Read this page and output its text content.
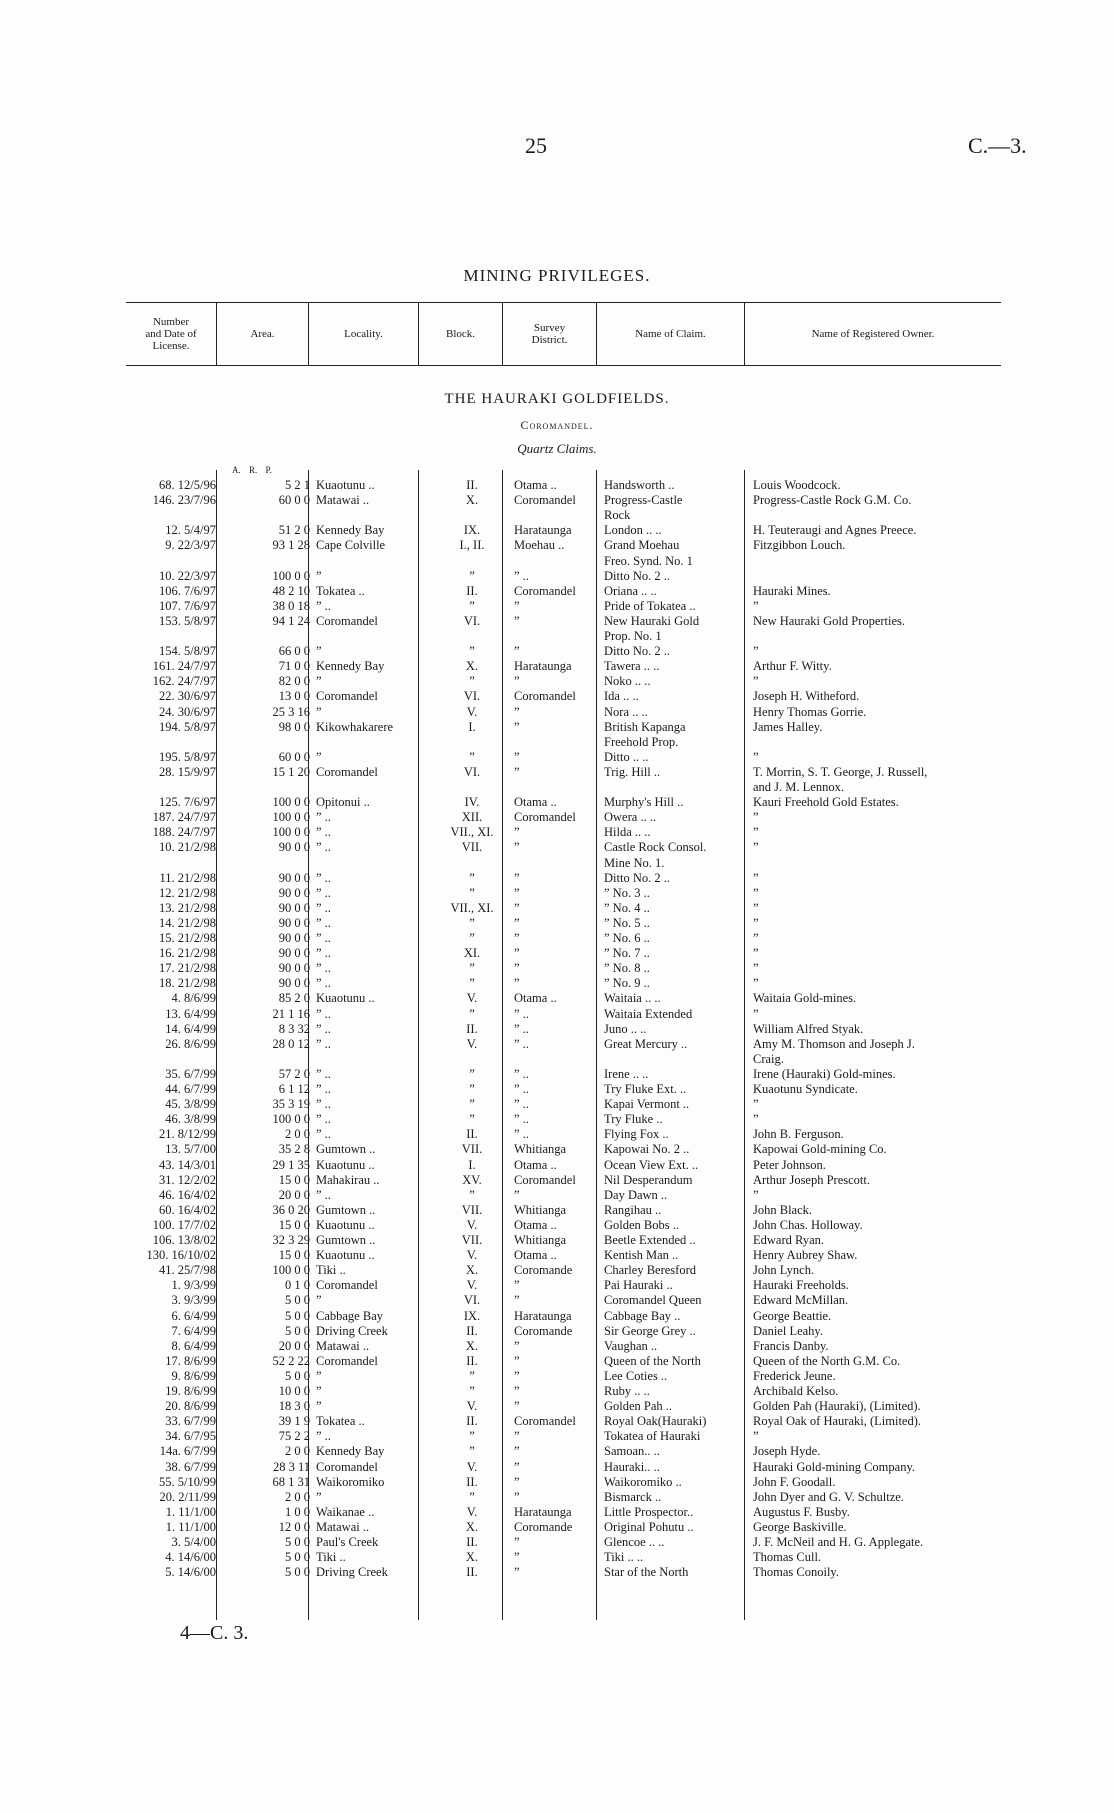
25	C.—3.
MINING PRIVILEGES.
Number
and Date of
License.
Area.	Locality.	Block.	Survey
District.	Name of Claim.	Name of Registered Owner.
THE HAURAKI GOLDFIELDS.
Coromandel.
Quartz Claims.
A. R. P.
68. 12/5/96	5 2 1 Kuaotunu ..	II.	Otama ..	Handsworth ..	Louis Woodcock.
146. 23/7/96	60 0 0 Matawai ..	X.	Coromandel	Progress-Castle	Progress-Castle Rock G.M. Co.
Rock
12. 5/4/97	51 2 0 Kennedy Bay	IX.	Harataunga	London .. ..	H. Teuteraugi and Agnes Preece.
9. 22/3/97	93 1 28 Cape Colville	I., II.	Moehau ..	Grand Moehau	Fitzgibbon Louch.
Freo. Synd. No. 1
10. 22/3/97	100 0 0 ”	”	” ..	Ditto No. 2 ..
106. 7/6/97	48 2 10 Tokatea ..	II.	Coromandel	Oriana .. ..	Hauraki Mines.
107. 7/6/97	38 0 18 ” ..	”	”	Pride of Tokatea ..	”
153. 5/8/97	94 1 24 Coromandel	VI.	”	New Hauraki Gold	New Hauraki Gold Properties.
Prop. No. 1
154. 5/8/97	66 0 0 ”	”	”	Ditto No. 2 ..	”
161. 24/7/97	71 0 0 Kennedy Bay	X.	Harataunga	Tawera .. ..	Arthur F. Witty.
162. 24/7/97	82 0 0 ”	”	”	Noko .. ..	”
22. 30/6/97	13 0 0 Coromandel	VI.	Coromandel	Ida .. ..	Joseph H. Witheford.
24. 30/6/97	25 3 16 ”	V.	”	Nora .. ..	Henry Thomas Gorrie.
194. 5/8/97	98 0 0 Kikowhakarere	I.	”	British Kapanga	James Halley.
Freehold Prop.
195. 5/8/97	60 0 0 ”	”	”	Ditto .. ..	”
28. 15/9/97	15 1 20 Coromandel	VI.	”	Trig. Hill ..	T. Morrin, S. T. George, J. Russell,
and J. M. Lennox.
125. 7/6/97	100 0 0 Opitonui ..	IV.	Otama ..	Murphy's Hill ..	Kauri Freehold Gold Estates.
187. 24/7/97	100 0 0 ” ..	XII.	Coromandel	Owera .. ..	”
188. 24/7/97	100 0 0 ” ..	VII., XI.	”	Hilda .. ..	”
10. 21/2/98	90 0 0 ” ..	VII.	”	Castle Rock Consol.	”
Mine No. 1.
11. 21/2/98	90 0 0 ” ..	”	”	Ditto No. 2 ..	”
12. 21/2/98	90 0 0 ” ..	”	”	” No. 3 ..	”
13. 21/2/98	90 0 0 ” ..	VII., XI.	”	” No. 4 ..	”
14. 21/2/98	90 0 0 ” ..	”	”	” No. 5 ..	”
15. 21/2/98	90 0 0 ” ..	”	”	” No. 6 ..	”
16. 21/2/98	90 0 0 ” ..	XI.	”	” No. 7 ..	”
17. 21/2/98	90 0 0 ” ..	”	”	” No. 8 ..	”
18. 21/2/98	90 0 0 ” ..	”	”	” No. 9 ..	”
4. 8/6/99	85 2 0 Kuaotunu ..	V.	Otama ..	Waitaia .. ..	Waitaia Gold-mines.
13. 6/4/99	21 1 16 ” ..	”	” ..	Waitaia Extended	”
14. 6/4/99	8 3 32 ” ..	II.	” ..	Juno .. ..	William Alfred Styak.
26. 8/6/99	28 0 12 ” ..	V.	” ..	Great Mercury ..	Amy M. Thomson and Joseph J.
Craig.
35. 6/7/99	57 2 0 ” ..	”	” ..	Irene .. ..	Irene (Hauraki) Gold-mines.
44. 6/7/99	6 1 12 ” ..	”	” ..	Try Fluke Ext. ..	Kuaotunu Syndicate.
45. 3/8/99	35 3 19 ” ..	”	” ..	Kapai Vermont ..	”
46. 3/8/99	100 0 0 ” ..	”	” ..	Try Fluke ..	”
21. 8/12/99	2 0 0 ” ..	II.	” ..	Flying Fox ..	John B. Ferguson.
13. 5/7/00	35 2 8 Gumtown ..	VII.	Whitianga	Kapowai No. 2 ..	Kapowai Gold-mining Co.
43. 14/3/01	29 1 35 Kuaotunu ..	I.	Otama ..	Ocean View Ext. ..	Peter Johnson.
31. 12/2/02	15 0 0 Mahakirau ..	XV.	Coromandel	Nil Desperandum	Arthur Joseph Prescott.
46. 16/4/02	20 0 0 ” ..	”	”	Day Dawn ..	”
60. 16/4/02	36 0 20 Gumtown ..	VII.	Whitianga	Rangihau ..	John Black.
100. 17/7/02	15 0 0 Kuaotunu ..	V.	Otama ..	Golden Bobs ..	John Chas. Holloway.
106. 13/8/02	32 3 29 Gumtown ..	VII.	Whitianga	Beetle Extended ..	Edward Ryan.
130. 16/10/02	15 0 0 Kuaotunu ..	V.	Otama ..	Kentish Man ..	Henry Aubrey Shaw.
41. 25/7/98	100 0 0 Tiki ..	X.	Coromande	Charley Beresford	John Lynch.
1. 9/3/99	0 1 0 Coromandel	V.	”	Pai Hauraki ..	Hauraki Freeholds.
3. 9/3/99	5 0 0 ”	VI.	”	Coromandel Queen	Edward McMillan.
6. 6/4/99	5 0 0 Cabbage Bay	IX.	Harataunga	Cabbage Bay ..	George Beattie.
7. 6/4/99	5 0 0 Driving Creek	II.	Coromande	Sir George Grey ..	Daniel Leahy.
8. 6/4/99	20 0 0 Matawai ..	X.	”	Vaughan ..	Francis Danby.
17. 8/6/99	52 2 22 Coromandel	II.	”	Queen of the North	Queen of the North G.M. Co.
9. 8/6/99	5 0 0 ”	”	”	Lee Coties ..	Frederick Jeune.
19. 8/6/99	10 0 0 ”	”	”	Ruby .. ..	Archibald Kelso.
20. 8/6/99	18 3 0 ”	V.	”	Golden Pah ..	Golden Pah (Hauraki), (Limited).
33. 6/7/99	39 1 9 Tokatea ..	II.	Coromandel	Royal Oak(Hauraki)	Royal Oak of Hauraki, (Limited).
34. 6/7/95	75 2 2 ” ..	”	”	Tokatea of Hauraki	”
14a. 6/7/99	2 0 0 Kennedy Bay	”	”	Samoan.. ..	Joseph Hyde.
38. 6/7/99	28 3 11 Coromandel	V.	”	Hauraki.. ..	Hauraki Gold-mining Company.
55. 5/10/99	68 1 31 Waikoromiko	II.	”	Waikoromiko ..	John F. Goodall.
20. 2/11/99	2 0 0 ”	”	”	Bismarck ..	John Dyer and G. V. Schultze.
1. 11/1/00	1 0 0 Waikanae ..	V.	Harataunga	Little Prospector..	Augustus F. Busby.
1. 11/1/00	12 0 0 Matawai ..	X.	Coromande	Original Pohutu ..	George Baskiville.
3. 5/4/00	5 0 0 Paul's Creek	II.	”	Glencoe .. ..	J. F. McNeil and H. G. Applegate.
4. 14/6/00	5 0 0 Tiki ..	X.	”	Tiki .. ..	Thomas Cull.
5. 14/6/00	5 0 0 Driving Creek	II.	”	Star of the North	Thomas Conoily.
4—C. 3.
